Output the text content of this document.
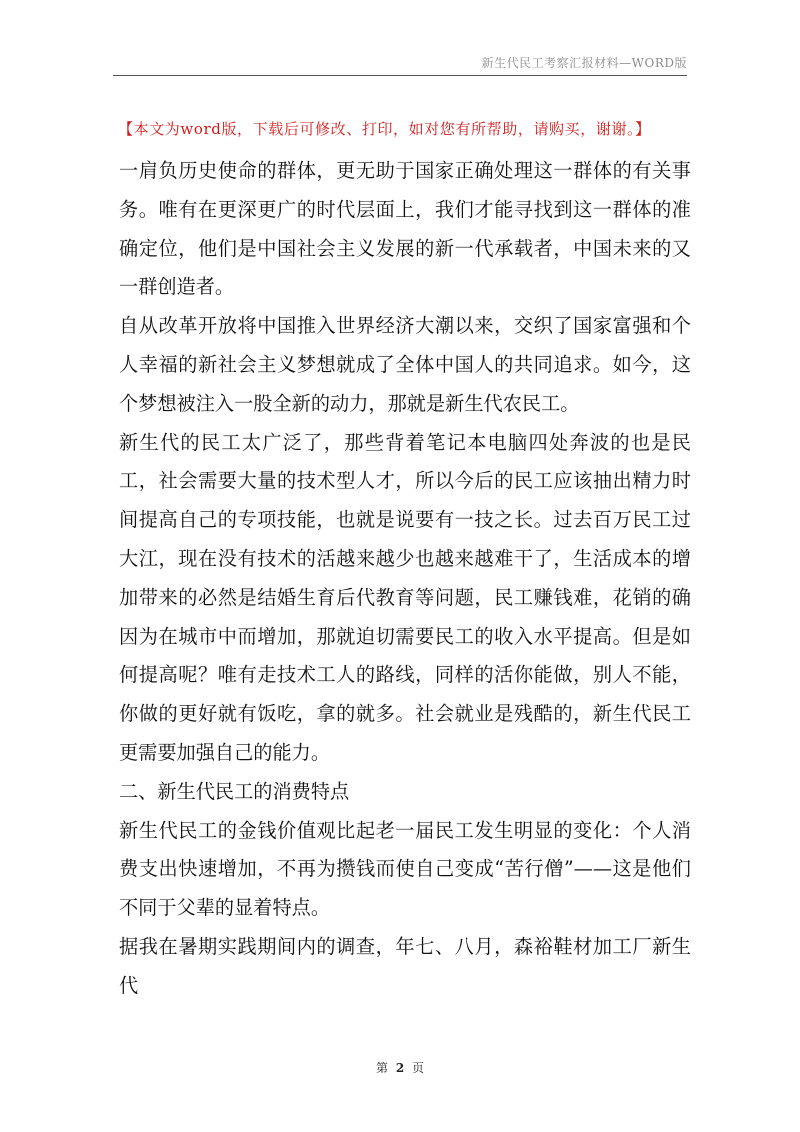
新生代民工考察汇报材料—WORD版
【本文为word版，下载后可修改、打印，如对您有所帮助，请购买，谢谢。】

一肩负历史使命的群体，更无助于国家正确处理这一群体的有关事务。唯有在更深更广的时代层面上，我们才能寻找到这一群体的准确定位，他们是中国社会主义发展的新一代承载者，中国未来的又一群创造者。

自从改革开放将中国推入世界经济大潮以来，交织了国家富强和个人幸福的新社会主义梦想就成了全体中国人的共同追求。如今，这个梦想被注入一股全新的动力，那就是新生代农民工。

新生代的民工太广泛了，那些背着笔记本电脑四处奔波的也是民工，社会需要大量的技术型人才，所以今后的民工应该抽出精力时间提高自己的专项技能，也就是说要有一技之长。过去百万民工过大江，现在没有技术的活越来越少也越来越难干了，生活成本的增加带来的必然是结婚生育后代教育等问题，民工赚钱难，花销的确因为在城市中而增加，那就迫切需要民工的收入水平提高。但是如何提高呢？唯有走技术工人的路线，同样的活你能做，别人不能，你做的更好就有饭吃，拿的就多。社会就业是残酷的，新生代民工更需要加强自己的能力。

二、新生代民工的消费特点

新生代民工的金钱价值观比起老一届民工发生明显的变化：个人消费支出快速增加，不再为攒钱而使自己变成“苦行僧”——这是他们不同于父辈的显着特点。

据我在暑期实践期间内的调查，年七、八月，森裕鞋材加工厂新生代

第 2 页
